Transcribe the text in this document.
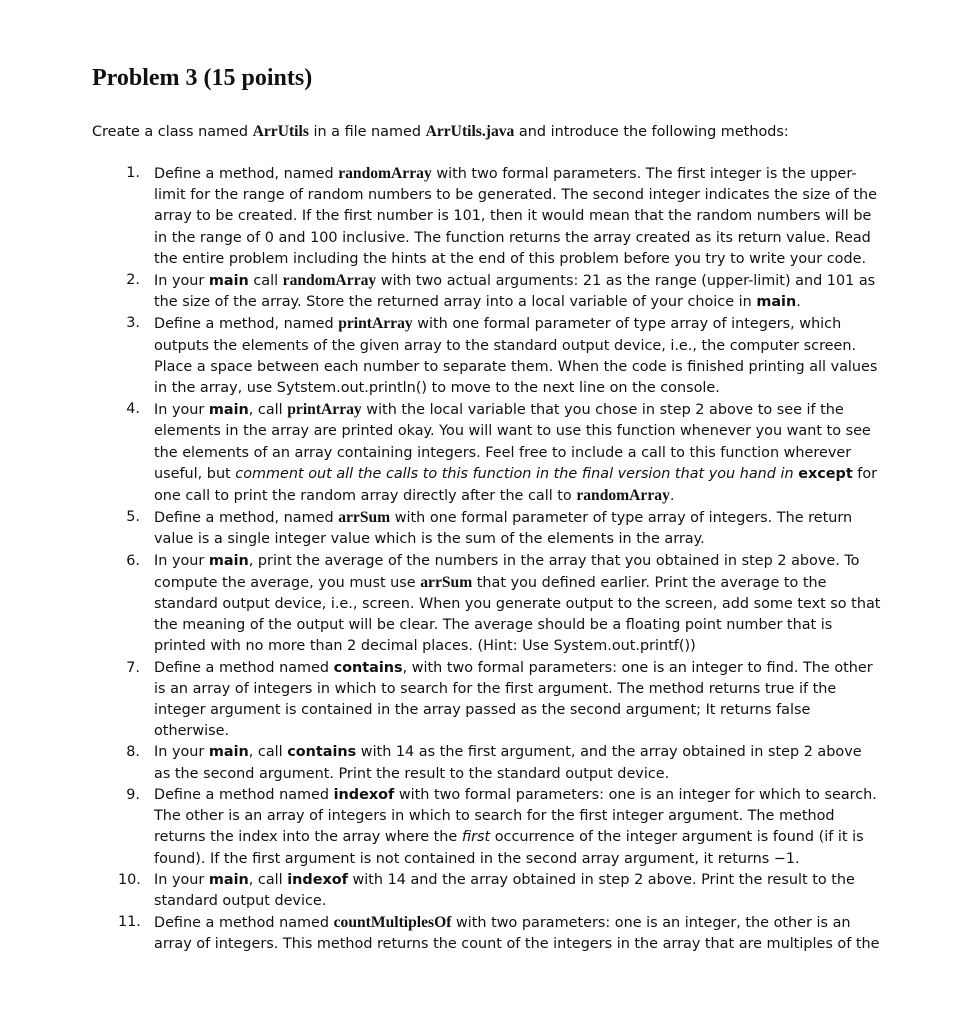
Problem 3 (15 points)

Create a class named ArrUtils in a file named ArrUtils.java and introduce the following methods:

1. Define a method, named randomArray with two formal parameters. The first integer is the upper-limit for the range of random numbers to be generated. The second integer indicates the size of the array to be created. If the first number is 101, then it would mean that the random numbers will be in the range of 0 and 100 inclusive. The function returns the array created as its return value. Read the entire problem including the hints at the end of this problem before you try to write your code.
2. In your main call randomArray with two actual arguments: 21 as the range (upper-limit) and 101 as the size of the array. Store the returned array into a local variable of your choice in main.
3. Define a method, named printArray with one formal parameter of type array of integers, which outputs the elements of the given array to the standard output device, i.e., the computer screen. Place a space between each number to separate them. When the code is finished printing all values in the array, use Sytstem.out.println() to move to the next line on the console.
4. In your main, call printArray with the local variable that you chose in step 2 above to see if the elements in the array are printed okay. You will want to use this function whenever you want to see the elements of an array containing integers. Feel free to include a call to this function wherever useful, but comment out all the calls to this function in the final version that you hand in except for one call to print the random array directly after the call to randomArray.
5. Define a method, named arrSum with one formal parameter of type array of integers. The return value is a single integer value which is the sum of the elements in the array.
6. In your main, print the average of the numbers in the array that you obtained in step 2 above. To compute the average, you must use arrSum that you defined earlier. Print the average to the standard output device, i.e., screen. When you generate output to the screen, add some text so that the meaning of the output will be clear. The average should be a floating point number that is printed with no more than 2 decimal places. (Hint: Use System.out.printf())
7. Define a method named contains, with two formal parameters: one is an integer to find. The other is an array of integers in which to search for the first argument. The method returns true if the integer argument is contained in the array passed as the second argument; It returns false otherwise.
8. In your main, call contains with 14 as the first argument, and the array obtained in step 2 above as the second argument. Print the result to the standard output device.
9. Define a method named indexof with two formal parameters: one is an integer for which to search. The other is an array of integers in which to search for the first integer argument. The method returns the index into the array where the first occurrence of the integer argument is found (if it is found). If the first argument is not contained in the second array argument, it returns −1.
10. In your main, call indexof with 14 and the array obtained in step 2 above. Print the result to the standard output device.
11. Define a method named countMultiplesOf with two parameters: one is an integer, the other is an array of integers. This method returns the count of the integers in the array that are multiples of the
